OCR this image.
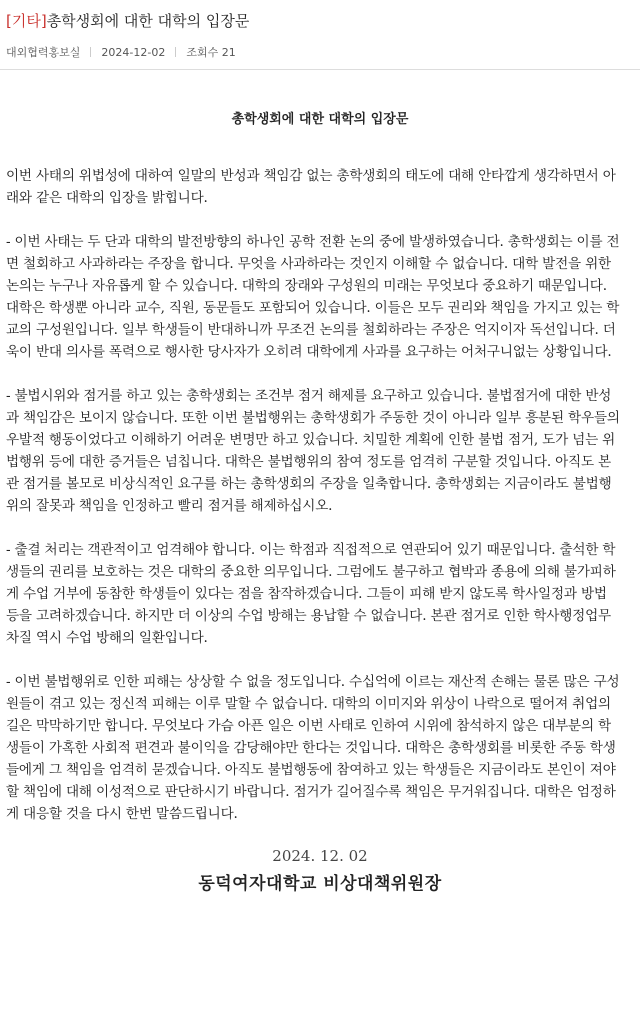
[기타]총학생회에 대한 대학의 입장문
대외협력홍보실 2024-12-02 조회수 21
총학생회에 대한 대학의 입장문

이번 사태의 위법성에 대하여 일말의 반성과 책임감 없는 총학생회의 태도에 대해 안타깝게 생각하면서 아래와 같은 대학의 입장을 밝힙니다.

- 이번 사태는 두 단과 대학의 발전방향의 하나인 공학 전환 논의 중에 발생하였습니다. 총학생회는 이를 전면 철회하고 사과하라는 주장을 합니다. 무엇을 사과하라는 것인지 이해할 수 없습니다. 대학 발전을 위한 논의는 누구나 자유롭게 할 수 있습니다. 대학의 장래와 구성원의 미래는 무엇보다 중요하기 때문입니다. 대학은 학생뿐 아니라 교수, 직원, 동문들도 포함되어 있습니다. 이들은 모두 권리와 책임을 가지고 있는 학교의 구성원입니다. 일부 학생들이 반대하니까 무조건 논의를 철회하라는 주장은 억지이자 독선입니다. 더욱이 반대 의사를 폭력으로 행사한 당사자가 오히려 대학에게 사과를 요구하는 어처구니없는 상황입니다.

- 불법시위와 점거를 하고 있는 총학생회는 조건부 점거 해제를 요구하고 있습니다. 불법점거에 대한 반성과 책임감은 보이지 않습니다. 또한 이번 불법행위는 총학생회가 주동한 것이 아니라 일부 흥분된 학우들의 우발적 행동이었다고 이해하기 어려운 변명만 하고 있습니다. 치밀한 계획에 인한 불법 점거, 도가 넘는 위법행위 등에 대한 증거들은 넘칩니다. 대학은 불법행위의 참여 정도를 엄격히 구분할 것입니다. 아직도 본관 점거를 볼모로 비상식적인 요구를 하는 총학생회의 주장을 일축합니다. 총학생회는 지금이라도 불법행위의 잘못과 책임을 인정하고 빨리 점거를 해제하십시오.

- 출결 처리는 객관적이고 엄격해야 합니다. 이는 학점과 직접적으로 연관되어 있기 때문입니다. 출석한 학생들의 권리를 보호하는 것은 대학의 중요한 의무입니다. 그럼에도 불구하고 협박과 종용에 의해 불가피하게 수업 거부에 동참한 학생들이 있다는 점을 참작하겠습니다. 그들이 피해 받지 않도록 학사일정과 방법 등을 고려하겠습니다. 하지만 더 이상의 수업 방해는 용납할 수 없습니다. 본관 점거로 인한 학사행정업무 차질 역시 수업 방해의 일환입니다.

- 이번 불법행위로 인한 피해는 상상할 수 없을 정도입니다. 수십억에 이르는 재산적 손해는 물론 많은 구성원들이 겪고 있는 정신적 피해는 이루 말할 수 없습니다. 대학의 이미지와 위상이 나락으로 떨어져 취업의 길은 막막하기만 합니다. 무엇보다 가슴 아픈 일은 이번 사태로 인하여 시위에 참석하지 않은 대부분의 학생들이 가혹한 사회적 편견과 불이익을 감당해야만 한다는 것입니다. 대학은 총학생회를 비롯한 주동 학생들에게 그 책임을 엄격히 묻겠습니다. 아직도 불법행동에 참여하고 있는 학생들은 지금이라도 본인이 져야 할 책임에 대해 이성적으로 판단하시기 바랍니다. 점거가 길어질수록 책임은 무거워집니다. 대학은 엄정하게 대응할 것을 다시 한번 말씀드립니다.

2024. 12. 02
동덕여자대학교 비상대책위원장
